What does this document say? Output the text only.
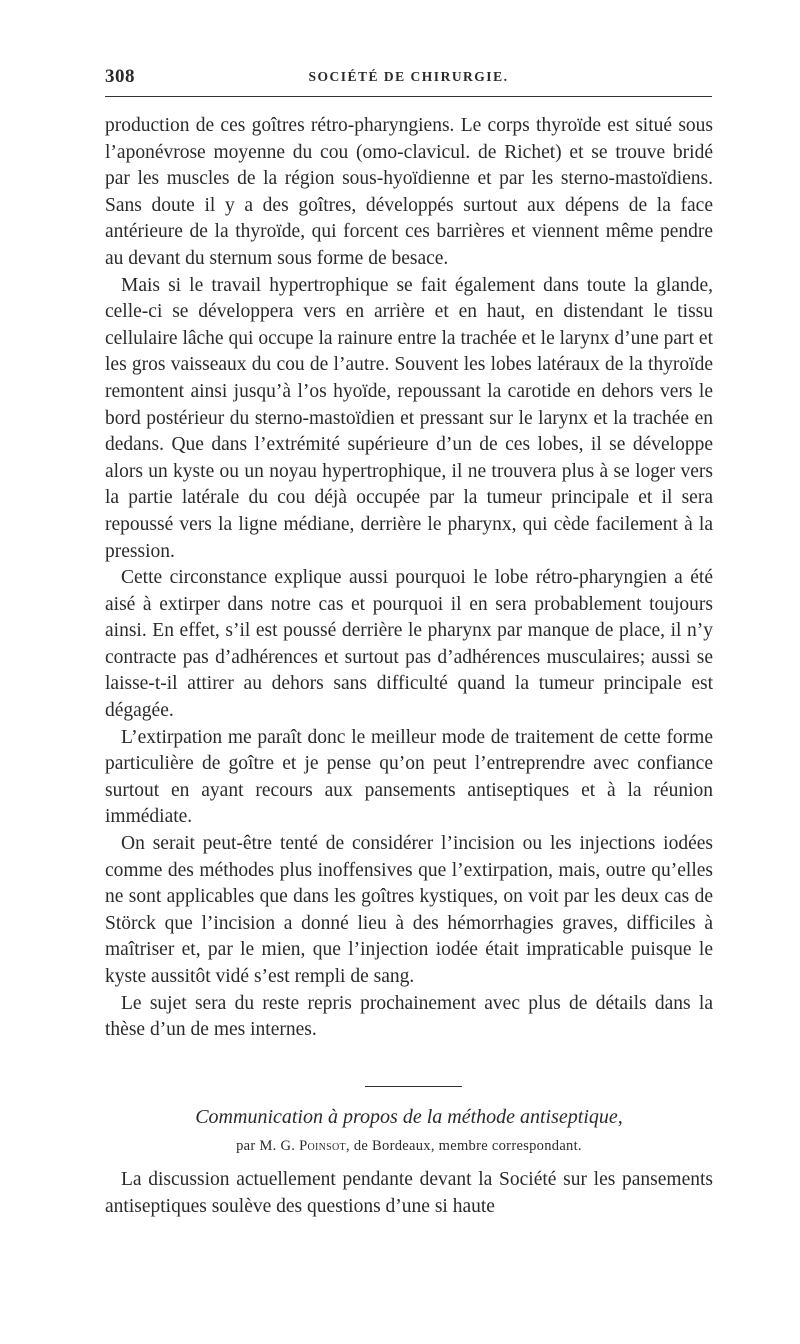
308	SOCIÉTÉ DE CHIRURGIE.

production de ces goîtres rétro-pharyngiens. Le corps thyroïde est situé sous l’aponévrose moyenne du cou (omo-clavicul. de Richet) et se trouve bridé par les muscles de la région sous-hyoïdienne et par les sterno-mastoïdiens. Sans doute il y a des goîtres, développés surtout aux dépens de la face antérieure de la thyroïde, qui forcent ces barrières et viennent même pendre au devant du sternum sous forme de besace.

Mais si le travail hypertrophique se fait également dans toute la glande, celle-ci se développera vers en arrière et en haut, en distendant le tissu cellulaire lâche qui occupe la rainure entre la trachée et le larynx d’une part et les gros vaisseaux du cou de l’autre. Souvent les lobes latéraux de la thyroïde remontent ainsi jusqu’à l’os hyoïde, repoussant la carotide en dehors vers le bord postérieur du sterno-mastoïdien et pressant sur le larynx et la trachée en dedans. Que dans l’extrémité supérieure d’un de ces lobes, il se développe alors un kyste ou un noyau hypertrophique, il ne trouvera plus à se loger vers la partie latérale du cou déjà occupée par la tumeur principale et il sera repoussé vers la ligne médiane, derrière le pharynx, qui cède facilement à la pression.

Cette circonstance explique aussi pourquoi le lobe rétro-pharyngien a été aisé à extirper dans notre cas et pourquoi il en sera probablement toujours ainsi. En effet, s’il est poussé derrière le pharynx par manque de place, il n’y contracte pas d’adhérences et surtout pas d’adhérences musculaires; aussi se laisse-t-il attirer au dehors sans difficulté quand la tumeur principale est dégagée.

L’extirpation me paraît donc le meilleur mode de traitement de cette forme particulière de goître et je pense qu’on peut l’entreprendre avec confiance surtout en ayant recours aux pansements antiseptiques et à la réunion immédiate.

On serait peut-être tenté de considérer l’incision ou les injections iodées comme des méthodes plus inoffensives que l’extirpation, mais, outre qu’elles ne sont applicables que dans les goîtres kystiques, on voit par les deux cas de Störck que l’incision a donné lieu à des hémorrhagies graves, difficiles à maîtriser et, par le mien, que l’injection iodée était impraticable puisque le kyste aussitôt vidé s’est rempli de sang.

Le sujet sera du reste repris prochainement avec plus de détails dans la thèse d’un de mes internes.

Communication à propos de la méthode antiseptique,
par M. G. Poinsot, de Bordeaux, membre correspondant.

La discussion actuellement pendante devant la Société sur les pansements antiseptiques soulève des questions d’une si haute
